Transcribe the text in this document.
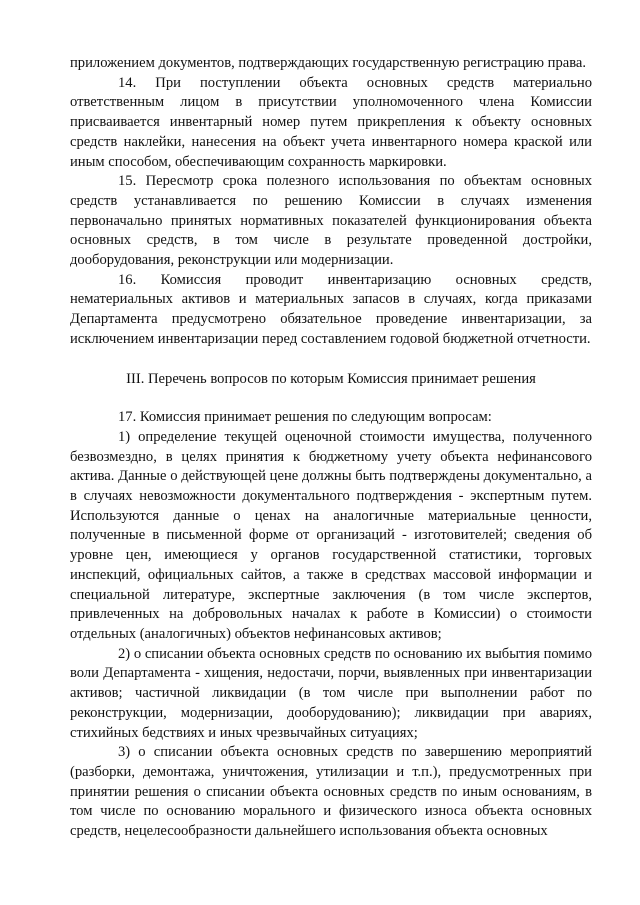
приложением документов, подтверждающих государственную регистрацию права.

14. При поступлении объекта основных средств материально ответственным лицом в присутствии уполномоченного члена Комиссии присваивается инвентарный номер путем прикрепления к объекту основных средств наклейки, нанесения на объект учета инвентарного номера краской или иным способом, обеспечивающим сохранность маркировки.

15. Пересмотр срока полезного использования по объектам основных средств устанавливается по решению Комиссии в случаях изменения первоначально принятых нормативных показателей функционирования объекта основных средств, в том числе в результате проведенной достройки, дооборудования, реконструкции или модернизации.

16. Комиссия проводит инвентаризацию основных средств, нематериальных активов и материальных запасов в случаях, когда приказами Департамента предусмотрено обязательное проведение инвентаризации, за исключением инвентаризации перед составлением годовой бюджетной отчетности.

III. Перечень вопросов по которым Комиссия принимает решения

17. Комиссия принимает решения по следующим вопросам:

1) определение текущей оценочной стоимости имущества, полученного безвозмездно, в целях принятия к бюджетному учету объекта нефинансового актива. Данные о действующей цене должны быть подтверждены документально, а в случаях невозможности документального подтверждения - экспертным путем. Используются данные о ценах на аналогичные материальные ценности, полученные в письменной форме от организаций - изготовителей; сведения об уровне цен, имеющиеся у органов государственной статистики, торговых инспекций, официальных сайтов, а также в средствах массовой информации и специальной литературе, экспертные заключения (в том числе экспертов, привлеченных на добровольных началах к работе в Комиссии) о стоимости отдельных (аналогичных) объектов нефинансовых активов;

2) о списании объекта основных средств по основанию их выбытия помимо воли Департамента - хищения, недостачи, порчи, выявленных при инвентаризации активов; частичной ликвидации (в том числе при выполнении работ по реконструкции, модернизации, дооборудованию); ликвидации при авариях, стихийных бедствиях и иных чрезвычайных ситуациях;

3) о списании объекта основных средств по завершению мероприятий (разборки, демонтажа, уничтожения, утилизации и т.п.), предусмотренных при принятии решения о списании объекта основных средств по иным основаниям, в том числе по основанию морального и физического износа объекта основных средств, нецелесообразности дальнейшего использования объекта основных
